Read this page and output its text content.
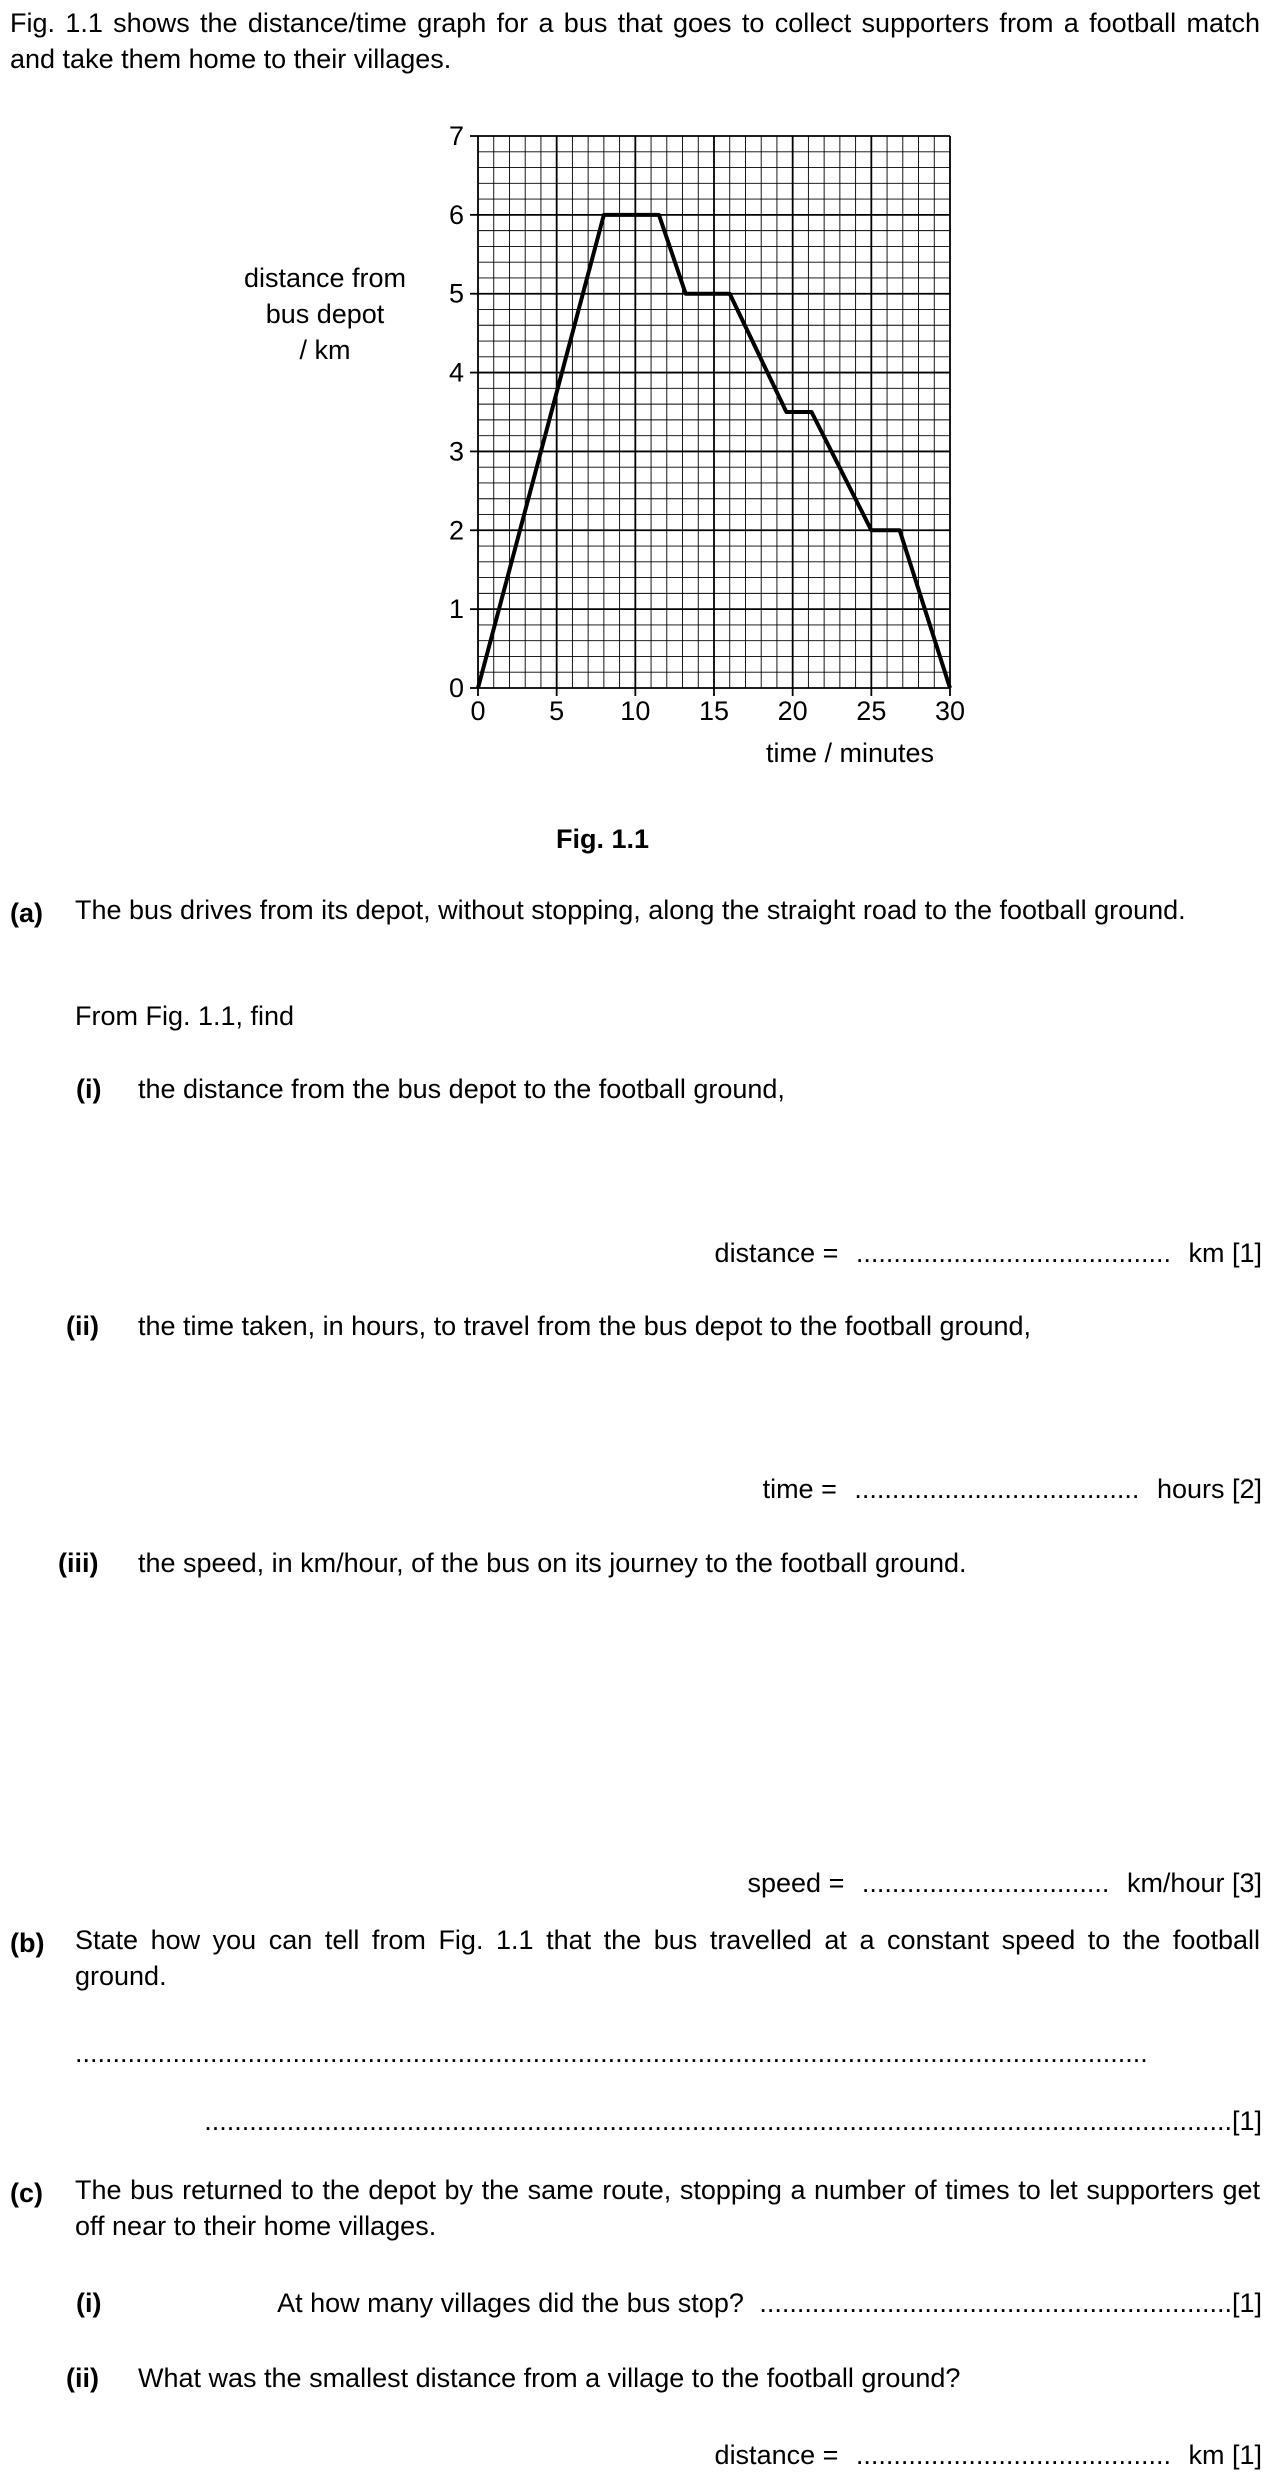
Fig. 1.1 shows the distance/time graph for a bus that goes to collect supporters from a football match and take them home to their villages.
0 5 10 15 20 25 30
0
1
2
3
4
5
6
7
distance from
bus depot
/ km
time / minutes
Fig. 1.1
(a) The bus drives from its depot, without stopping, along the straight road to the football ground.
From Fig. 1.1, find
(i) the distance from the bus depot to the football ground,
distance = .......................................... km [1]
(ii) the time taken, in hours, to travel from the bus depot to the football ground,
time = ...................................... hours [2]
(iii) the speed, in km/hour, of the bus on its journey to the football ground.
speed = ................................. km/hour [3]
(b) State how you can tell from Fig. 1.1 that the bus travelled at a constant speed to the football ground.
...............................................................................................................................................
.........................................................................................................................................[1]
(c) The bus returned to the depot by the same route, stopping a number of times to let supporters get off near to their home villages.
(i)	At how many villages did the bus stop? ...............................................................[1]
(ii) What was the smallest distance from a village to the football ground?
distance = .......................................... km [1]
